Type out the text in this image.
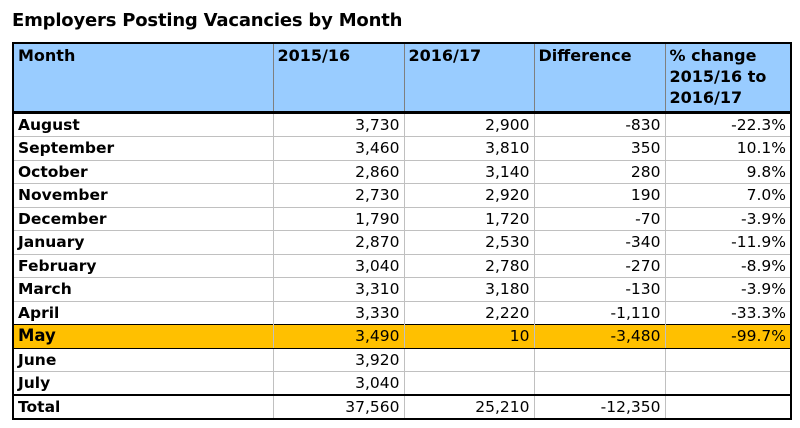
Employers Posting Vacancies by Month
Month	2015/16	2016/17	Difference	% change 2015/16 to 2016/17
August	3,730	2,900	-830	-22.3%
September	3,460	3,810	350	10.1%
October	2,860	3,140	280	9.8%
November	2,730	2,920	190	7.0%
December	1,790	1,720	-70	-3.9%
January	2,870	2,530	-340	-11.9%
February	3,040	2,780	-270	-8.9%
March	3,310	3,180	-130	-3.9%
April	3,330	2,220	-1,110	-33.3%
May	3,490	10	-3,480	-99.7%
June	3,920			
July	3,040			
Total	37,560	25,210	-12,350	
